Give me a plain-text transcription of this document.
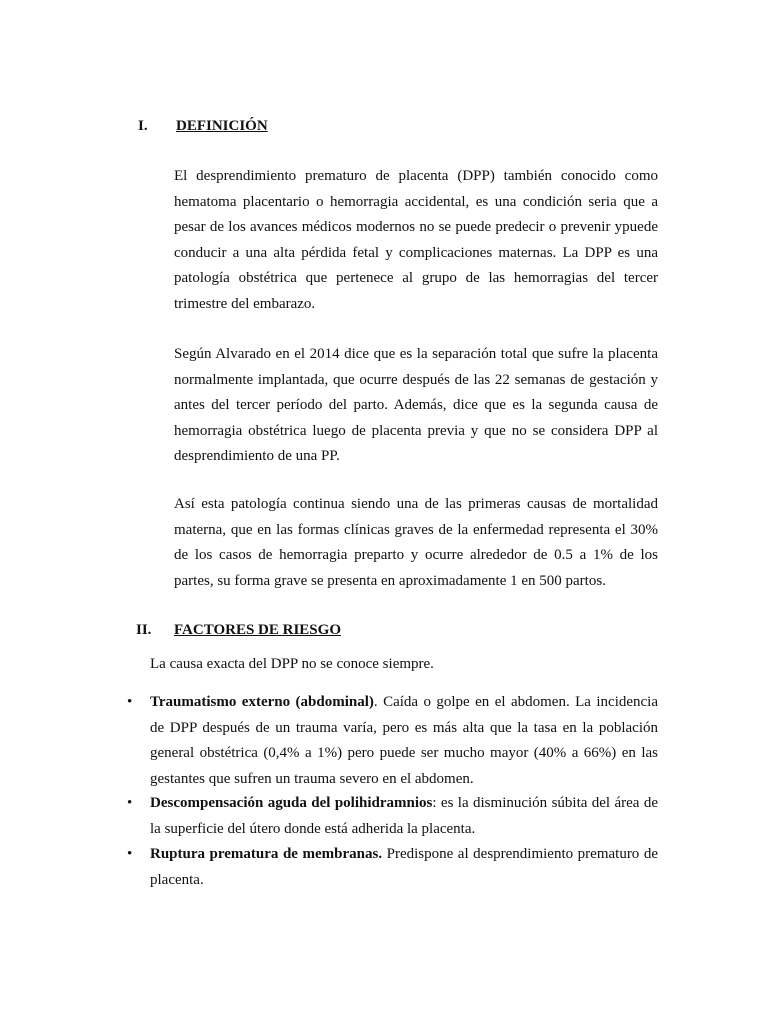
I. DEFINICIÓN

El desprendimiento prematuro de placenta (DPP) también conocido como hematoma placentario o hemorragia accidental, es una condición seria que a pesar de los avances médicos modernos no se puede predecir o prevenir ypuede conducir a una alta pérdida fetal y complicaciones maternas. La DPP es una patología obstétrica que pertenece al grupo de las hemorragias del tercer trimestre del embarazo.

Según Alvarado en el 2014 dice que es la separación total que sufre la placenta normalmente implantada, que ocurre después de las 22 semanas de gestación y antes del tercer período del parto. Además, dice que es la segunda causa de hemorragia obstétrica luego de placenta previa y que no se considera DPP al desprendimiento de una PP.

Así esta patología continua siendo una de las primeras causas de mortalidad materna, que en las formas clínicas graves de la enfermedad representa el 30% de los casos de hemorragia preparto y ocurre alrededor de 0.5 a 1% de los partes, su forma grave se presenta en aproximadamente 1 en 500 partos.

II. FACTORES DE RIESGO

La causa exacta del DPP no se conoce siempre.

• Traumatismo externo (abdominal). Caída o golpe en el abdomen. La incidencia de DPP después de un trauma varía, pero es más alta que la tasa en la población general obstétrica (0,4% a 1%) pero puede ser mucho mayor (40% a 66%) en las gestantes que sufren un trauma severo en el abdomen.

• Descompensación aguda del polihidramnios: es la disminución súbita del área de la superficie del útero donde está adherida la placenta.

• Ruptura prematura de membranas. Predispone al desprendimiento prematuro de placenta.
